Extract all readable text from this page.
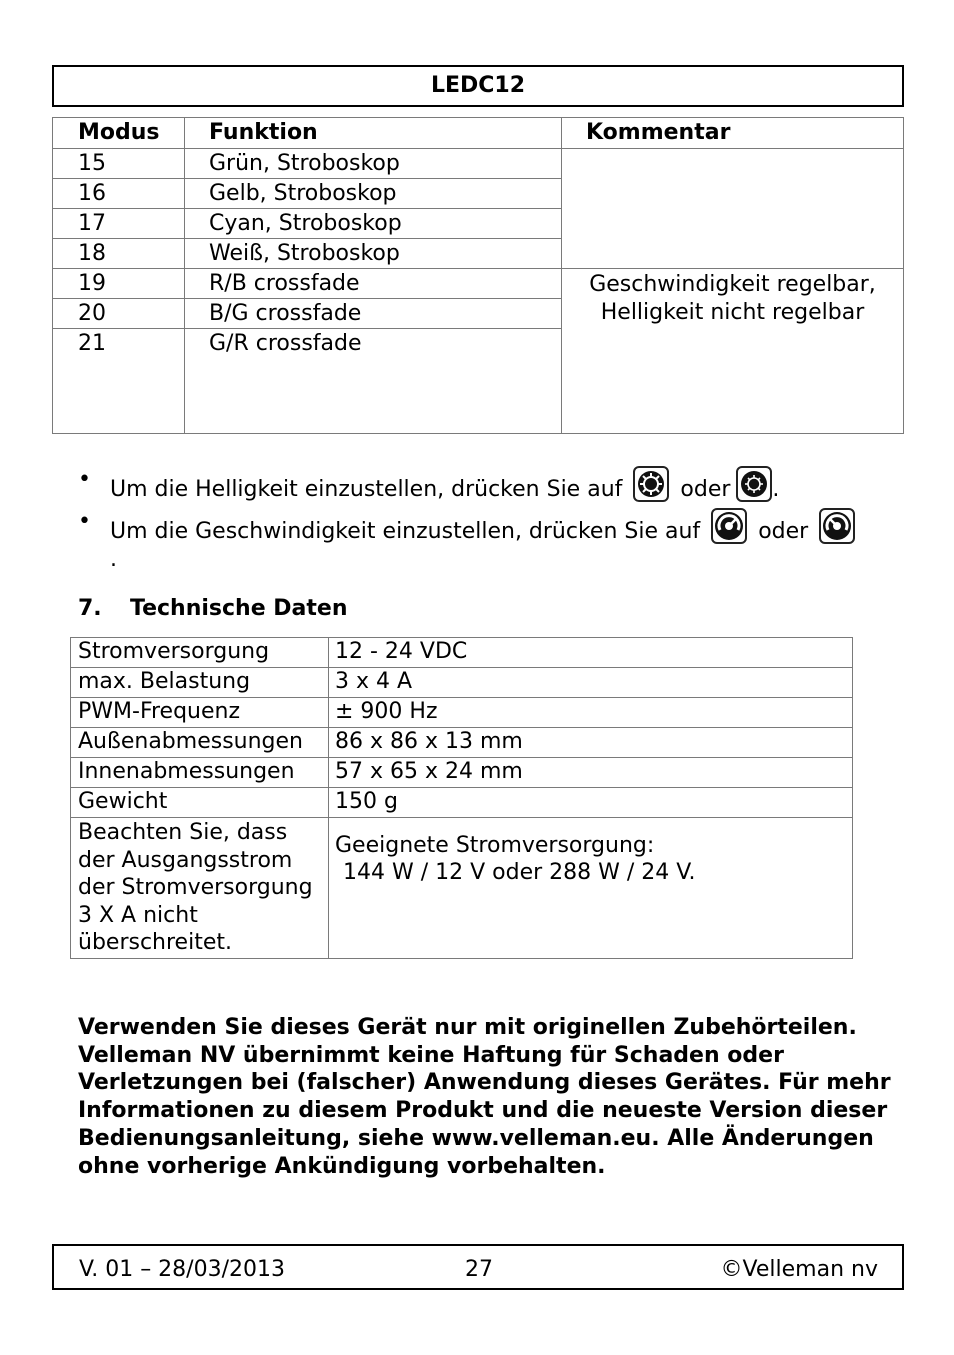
LEDC12
Modus	Funktion	Kommentar
15	Grün, Stroboskop	
16	Gelb, Stroboskop	
17	Cyan, Stroboskop	
18	Weiß, Stroboskop	
19	R/B crossfade	Geschwindigkeit regelbar, Helligkeit nicht regelbar
20	B/G crossfade	
21	G/R crossfade	
• Um die Helligkeit einzustellen, drücken Sie auf	oder .
• Um die Geschwindigkeit einzustellen, drücken Sie auf	oder

.
7. Technische Daten
Stromversorgung	12 - 24 VDC
max. Belastung	3 x 4 A
PWM-Frequenz	± 900 Hz
Außenabmessungen	86 x 86 x 13 mm
Innenabmessungen	57 x 65 x 24 mm
Gewicht	150 g
Beachten Sie, dass der Ausgangsstrom der Stromversorgung 3 X A nicht überschreitet.	Geeignete Stromversorgung:
144 W / 12 V oder 288 W / 24 V.
Verwenden Sie dieses Gerät nur mit originellen Zubehörteilen. Velleman NV übernimmt keine Haftung für Schaden oder Verletzungen bei (falscher) Anwendung dieses Gerätes. Für mehr Informationen zu diesem Produkt und die neueste Version dieser Bedienungsanleitung, siehe www.velleman.eu. Alle Änderungen ohne vorherige Ankündigung vorbehalten.
V. 01 – 28/03/2013	27	©Velleman nv
